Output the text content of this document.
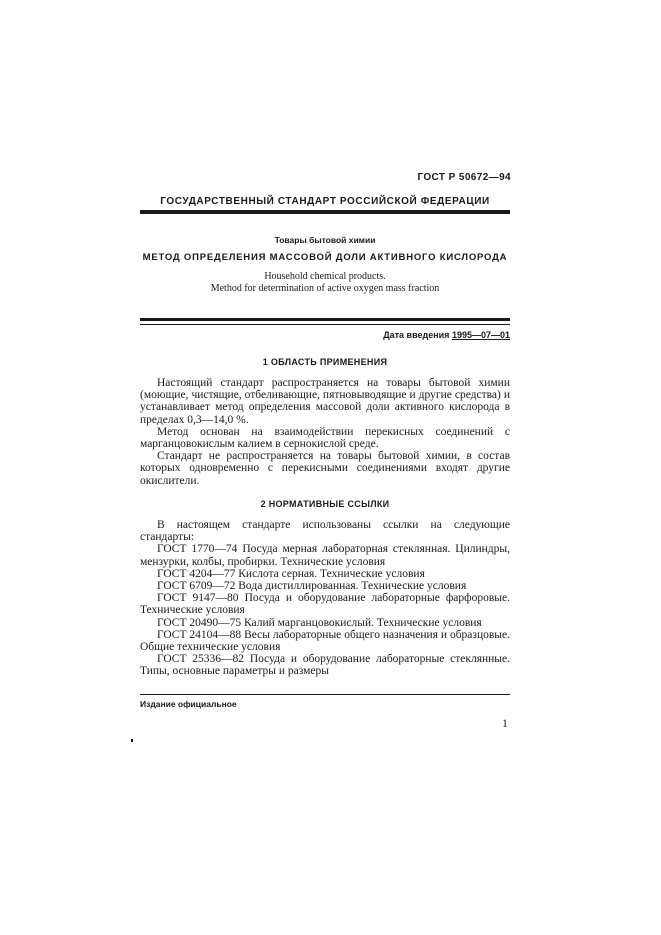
ГОСТ Р 50672—94
ГОСУДАРСТВЕННЫЙ СТАНДАРТ РОССИЙСКОЙ ФЕДЕРАЦИИ
Товары бытовой химии
МЕТОД ОПРЕДЕЛЕНИЯ МАССОВОЙ ДОЛИ АКТИВНОГО КИСЛОРОДА
Household chemical products.
Method for determination of active oxygen mass fraction
Дата введения 1995—07—01
1 ОБЛАСТЬ ПРИМЕНЕНИЯ

Настоящий стандарт распространяется на товары бытовой химии (моющие, чистящие, отбеливающие, пятновыводящие и другие средства) и устанавливает метод определения массовой доли активного кислорода в пределах 0,3—14,0 %.

Метод основан на взаимодействии перекисных соединений с марганцовокислым калием в сернокислой среде.

Стандарт не распространяется на товары бытовой химии, в состав которых одновременно с перекисными соединениями входят другие окислители.

2 НОРМАТИВНЫЕ ССЫЛКИ

В настоящем стандарте использованы ссылки на следующие стандарты:

ГОСТ 1770—74 Посуда мерная лабораторная стеклянная. Цилиндры, мензурки, колбы, пробирки. Технические условия

ГОСТ 4204—77 Кислота серная. Технические условия

ГОСТ 6709—72 Вода дистиллированная. Технические условия

ГОСТ 9147—80 Посуда и оборудование лабораторные фарфоровые. Технические условия

ГОСТ 20490—75 Калий марганцовокислый. Технические условия

ГОСТ 24104—88 Весы лабораторные общего назначения и образцовые. Общие технические условия

ГОСТ 25336—82 Посуда и оборудование лабораторные стеклянные. Типы, основные параметры и размеры

Издание официальное
1
